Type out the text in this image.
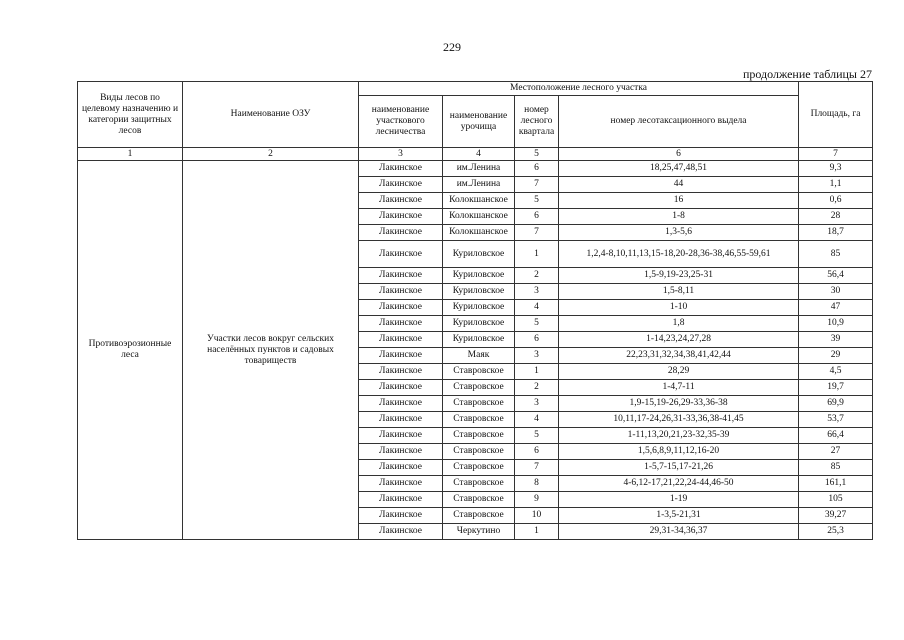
229
продолжение таблицы 27
Виды лесов по целевому назначению и категории защитных лесов	Наименование ОЗУ	Местоположение лесного участка				Площадь, га
		наименование участкового лесничества	наименование урочища	номер лесного квартала	номер лесотаксационного выдела	
1	2	3	4	5	6	7
Противоэрозионные леса	Участки лесов вокруг сельских населённых пунктов и садовых товариществ	Лакинское	им.Ленина	6	18,25,47,48,51	9,3
		Лакинское	им.Ленина	7	44	1,1
		Лакинское	Колокшанское	5	16	0,6
		Лакинское	Колокшанское	6	1-8	28
		Лакинское	Колокшанское	7	1,3-5,6	18,7
		Лакинское	Куриловское	1	1,2,4-8,10,11,13,15-18,20-28,36-38,46,55-59,61	85
		Лакинское	Куриловское	2	1,5-9,19-23,25-31	56,4
		Лакинское	Куриловское	3	1,5-8,11	30
		Лакинское	Куриловское	4	1-10	47
		Лакинское	Куриловское	5	1,8	10,9
		Лакинское	Куриловское	6	1-14,23,24,27,28	39
		Лакинское	Маяк	3	22,23,31,32,34,38,41,42,44	29
		Лакинское	Ставровское	1	28,29	4,5
		Лакинское	Ставровское	2	1-4,7-11	19,7
		Лакинское	Ставровское	3	1,9-15,19-26,29-33,36-38	69,9
		Лакинское	Ставровское	4	10,11,17-24,26,31-33,36,38-41,45	53,7
		Лакинское	Ставровское	5	1-11,13,20,21,23-32,35-39	66,4
		Лакинское	Ставровское	6	1,5,6,8,9,11,12,16-20	27
		Лакинское	Ставровское	7	1-5,7-15,17-21,26	85
		Лакинское	Ставровское	8	4-6,12-17,21,22,24-44,46-50	161,1
		Лакинское	Ставровское	9	1-19	105
		Лакинское	Ставровское	10	1-3,5-21,31	39,27
		Лакинское	Черкутино	1	29,31-34,36,37	25,3
